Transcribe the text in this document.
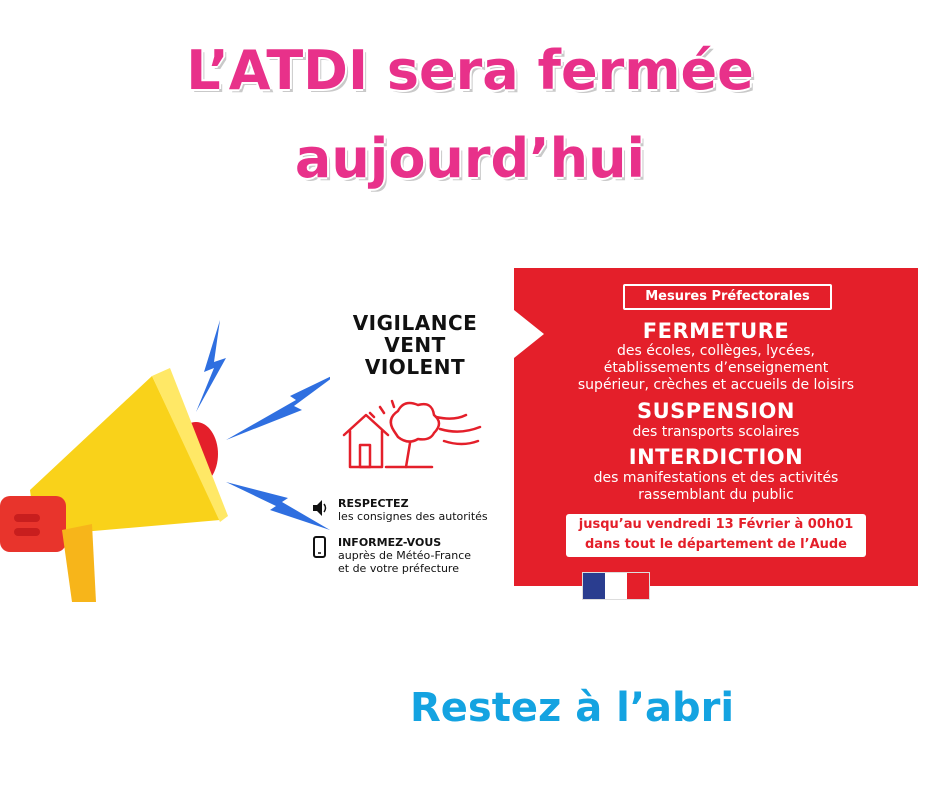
L’ATDI sera fermée
aujourd’hui
VIGILANCE
VENT
VIOLENT
RESPECTEZ
les consignes des autorités
INFORMEZ-VOUS
auprès de Météo-France
et de votre préfecture
Mesures Préfectorales
FERMETURE
des écoles, collèges, lycées,
établissements d’enseignement
supérieur, crèches et accueils de loisirs
SUSPENSION
des transports scolaires
INTERDICTION
des manifestations et des activités
rassemblant du public
jusqu’au vendredi 13 Février à 00h01
dans tout le département de l’Aude
Restez à l’abri
